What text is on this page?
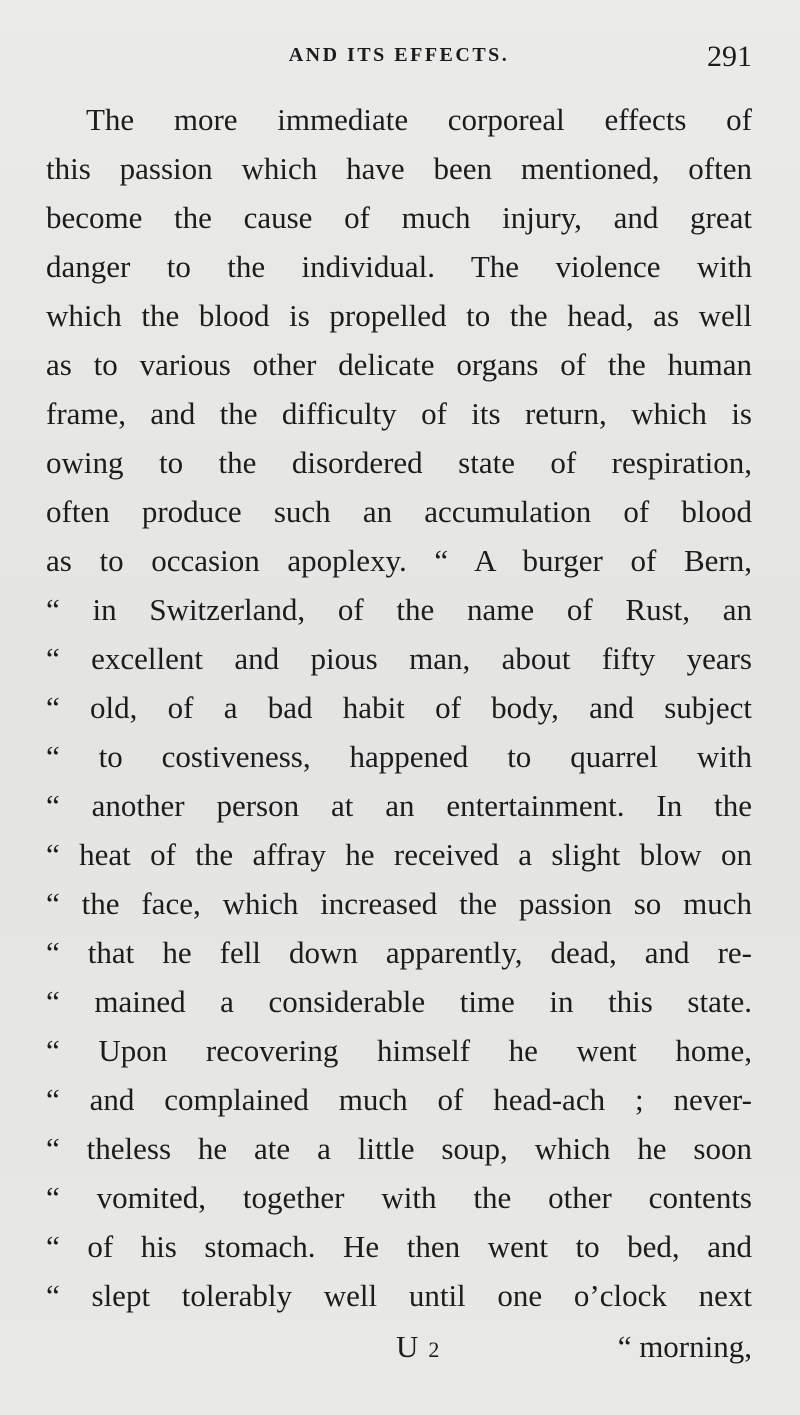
AND ITS EFFECTS.	291
The more immediate corporeal effects of
this passion which have been mentioned, often
become the cause of much injury, and great
danger to the individual. The violence with
which the blood is propelled to the head, as well
as to various other delicate organs of the human
frame, and the difficulty of its return, which is
owing to the disordered state of respiration,
often produce such an accumulation of blood
as to occasion apoplexy. “ A burger of Bern,
“ in Switzerland, of the name of Rust, an
“ excellent and pious man, about fifty years
“ old, of a bad habit of body, and subject
“ to costiveness, happened to quarrel with
“ another person at an entertainment. In the
“ heat of the affray he received a slight blow on
“ the face, which increased the passion so much
“ that he fell down apparently, dead, and re-
“ mained a considerable time in this state.
“ Upon recovering himself he went home,
“ and complained much of head-ach ; never-
“ theless he ate a little soup, which he soon
“ vomited, together with the other contents
“ of his stomach. He then went to bed, and
“ slept tolerably well until one o’clock next
U 2	“ morning,
